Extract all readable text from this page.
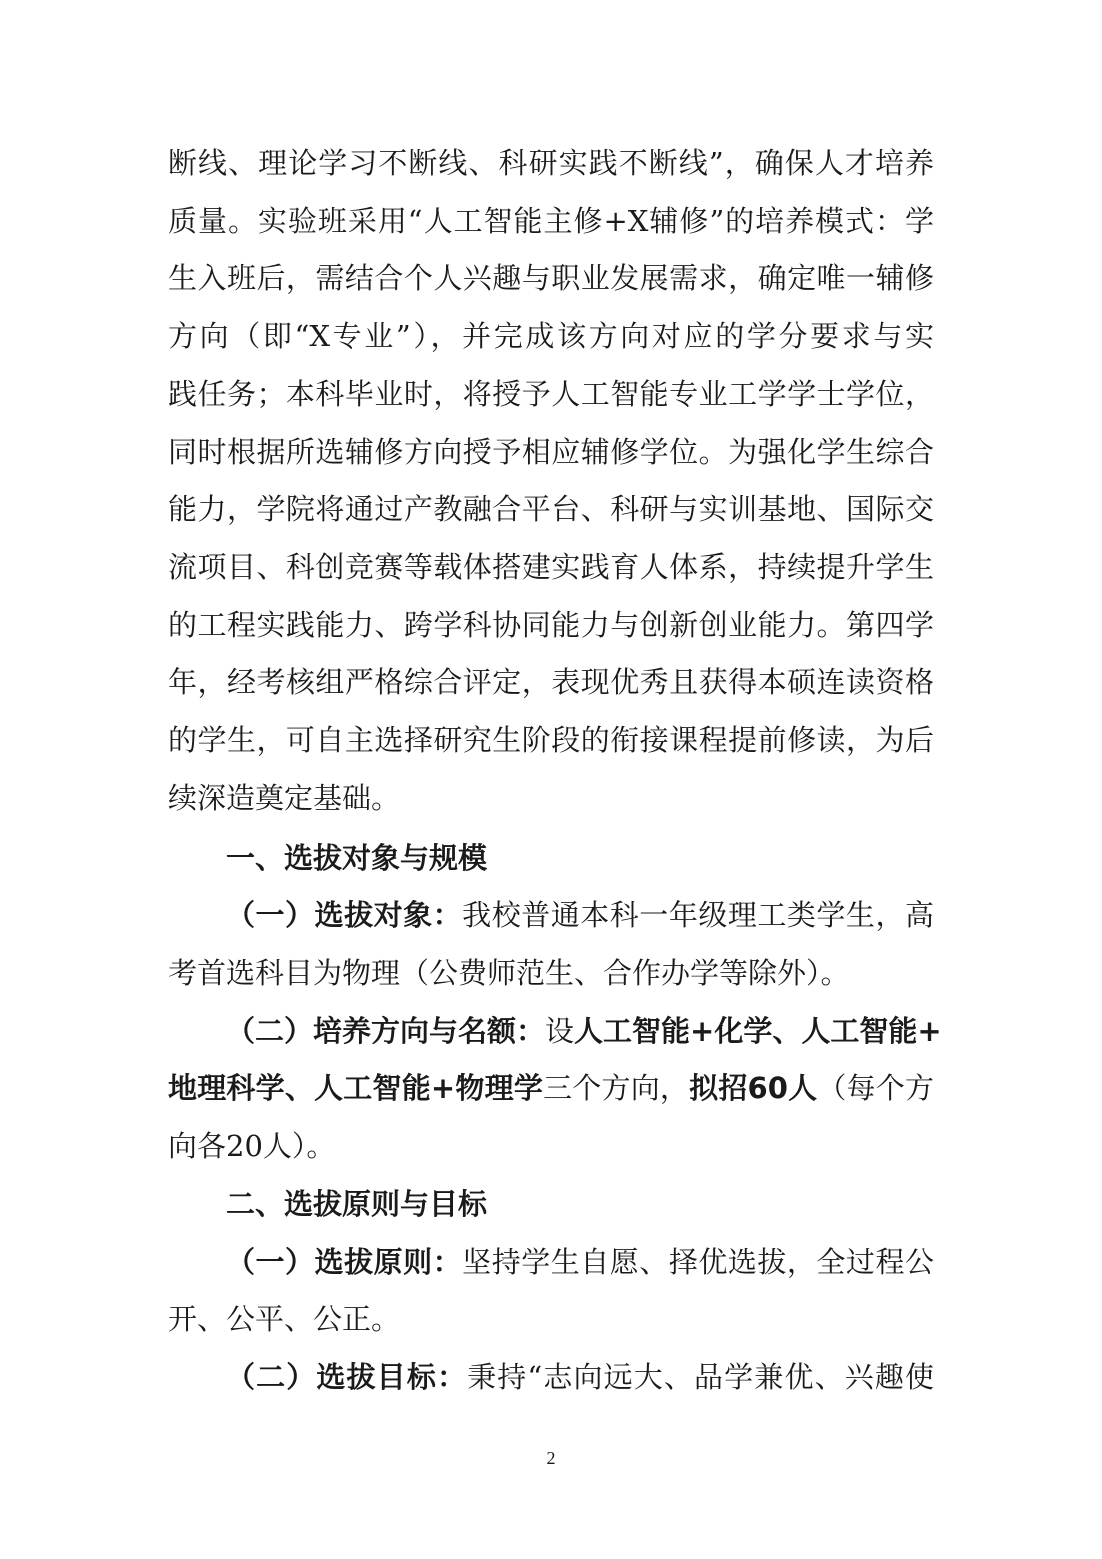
断线、理论学习不断线、科研实践不断线”，确保人才培养
质量。实验班采用“人工智能主修+X辅修”的培养模式：学
生入班后，需结合个人兴趣与职业发展需求，确定唯一辅修
方向（即“X专业”），并完成该方向对应的学分要求与实
践任务；本科毕业时，将授予人工智能专业工学学士学位，
同时根据所选辅修方向授予相应辅修学位。为强化学生综合
能力，学院将通过产教融合平台、科研与实训基地、国际交
流项目、科创竞赛等载体搭建实践育人体系，持续提升学生
的工程实践能力、跨学科协同能力与创新创业能力。第四学
年，经考核组严格综合评定，表现优秀且获得本硕连读资格
的学生，可自主选择研究生阶段的衔接课程提前修读，为后
续深造奠定基础。
一、选拔对象与规模
（一）选拔对象：我校普通本科一年级理工类学生，高
考首选科目为物理（公费师范生、合作办学等除外）。
（二）培养方向与名额：设人工智能+化学、人工智能+
地理科学、人工智能+物理学三个方向，拟招60人（每个方
向各20人）。
二、选拔原则与目标
（一）选拔原则：坚持学生自愿、择优选拔，全过程公
开、公平、公正。
（二）选拔目标：秉持“志向远大、品学兼优、兴趣使
2
